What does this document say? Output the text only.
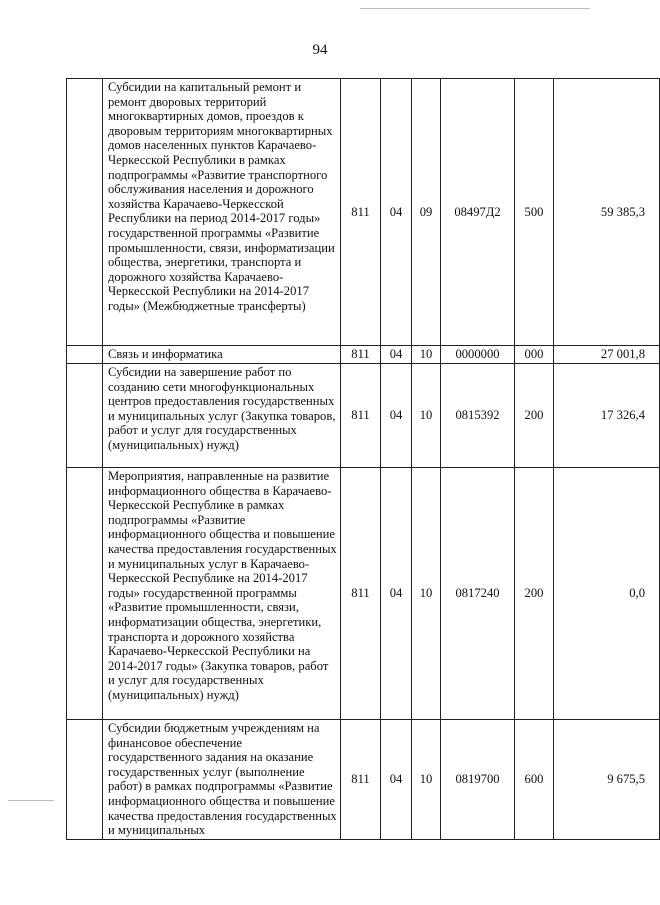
94
	Субсидии на капитальный ремонт и ремонт дворовых территорий многоквартирных домов, проездов к дворовым территориям многоквартирных домов населенных пунктов Карачаево-Черкесской Республики в рамках подпрограммы «Развитие транспортного обслуживания населения и дорожного хозяйства Карачаево-Черкесской Республики на период 2014-2017 годы» государственной программы «Развитие промышленности, связи, информатизации общества, энергетики, транспорта и дорожного хозяйства Карачаево-Черкесской Республики на 2014-2017 годы» (Межбюджетные трансферты)	811	04	09	08497Д2	500	59 385,3
	Связь и информатика	811	04	10	0000000	000	27 001,8
	Субсидии на завершение работ по созданию сети многофункциональных центров предоставления государственных и муниципальных услуг (Закупка товаров, работ и услуг для государственных (муниципальных) нужд)	811	04	10	0815392	200	17 326,4
	Мероприятия, направленные на развитие информационного общества в Карачаево-Черкесской Республике в рамках подпрограммы «Развитие информационного общества и повышение качества предоставления государственных и муниципальных услуг в Карачаево-Черкесской Республике на 2014-2017 годы» государственной программы «Развитие промышленности, связи, информатизации общества, энергетики, транспорта и дорожного хозяйства Карачаево-Черкесской Республики на 2014-2017 годы» (Закупка товаров, работ и услуг для государственных (муниципальных) нужд)	811	04	10	0817240	200	0,0

	Субсидии бюджетным учреждениям на финансовое обеспечение государственного задания на оказание государственных услуг (выполнение работ) в рамках подпрограммы «Развитие информационного общества и повышение качества предоставления государственных и муниципальных	811	04	10	0819700	600	9 675,5
